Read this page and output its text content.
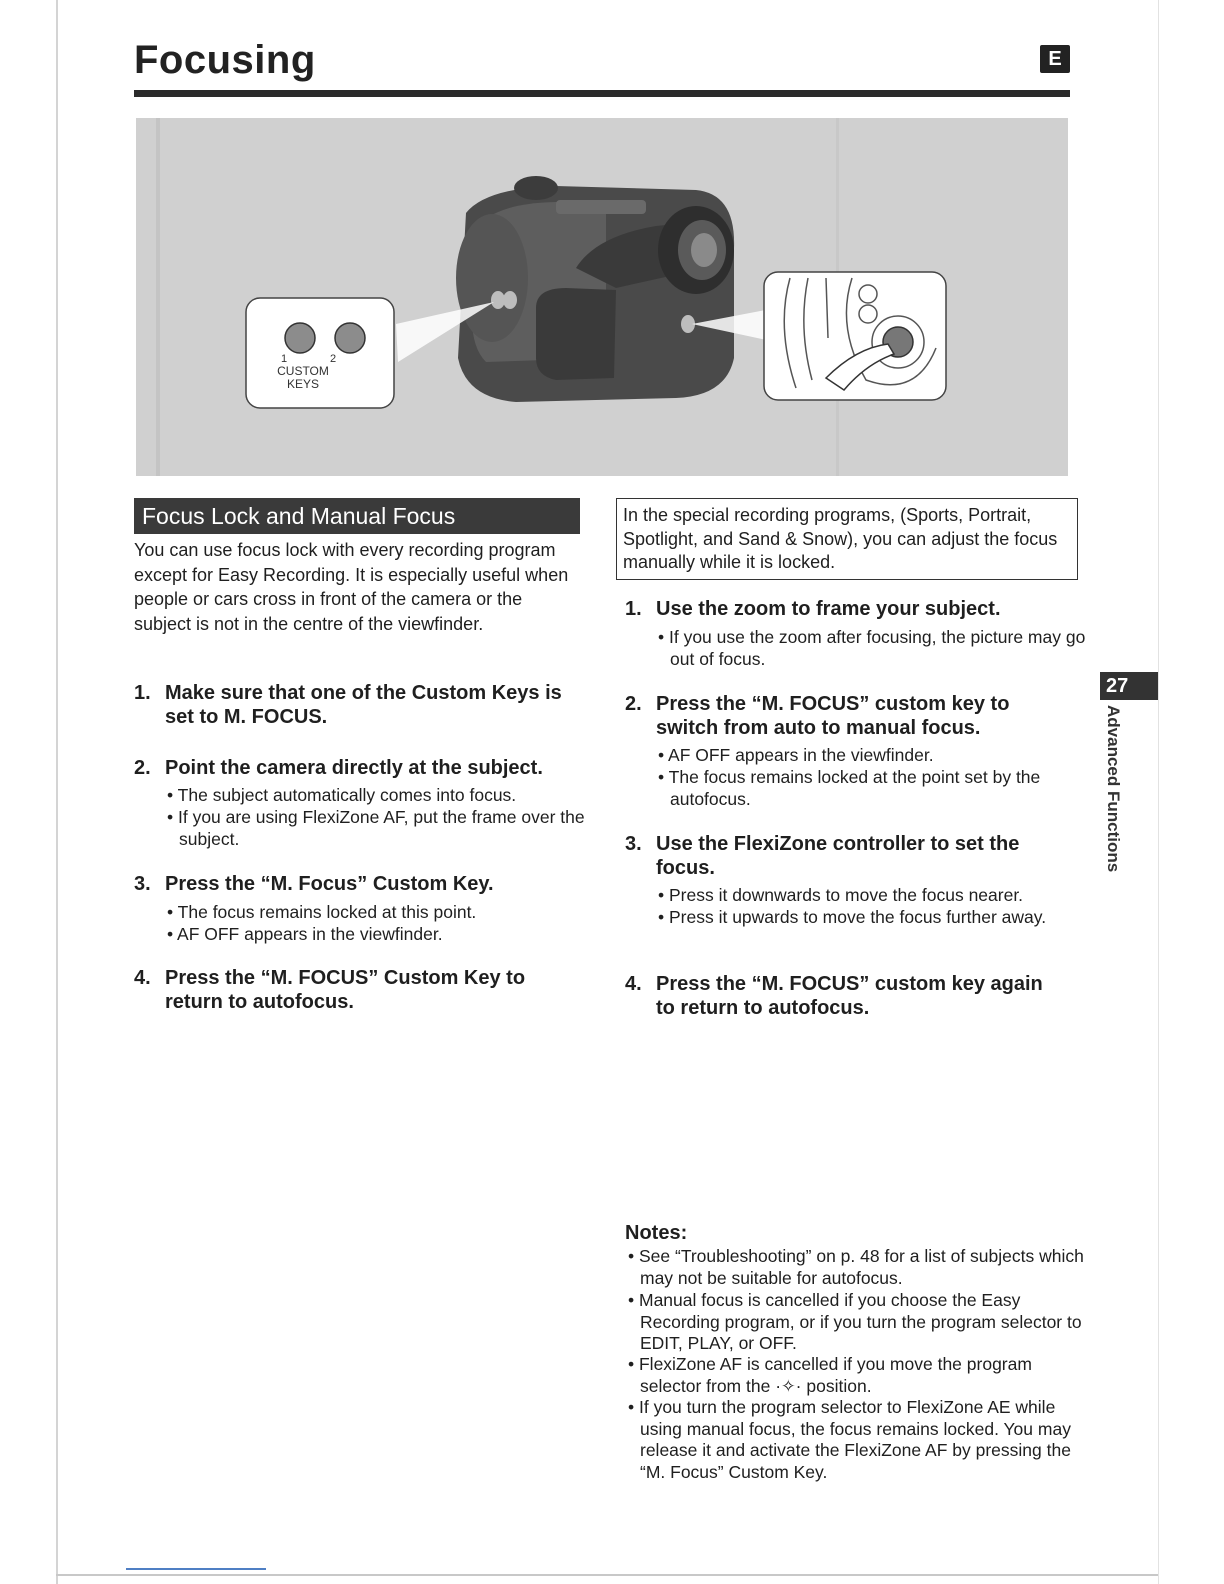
Focusing	E
1	2
CUSTOM
KEYS
Focus Lock and Manual Focus

You can use focus lock with every recording program except for Easy Recording. It is especially useful when people or cars cross in front of the camera or the subject is not in the centre of the viewfinder.

1. Make sure that one of the Custom Keys is set to M. FOCUS.
2. Point the camera directly at the subject.
• The subject automatically comes into focus.
• If you are using FlexiZone AF, put the frame over the subject.
3. Press the “M. Focus” Custom Key.
• The focus remains locked at this point.
• AF OFF appears in the viewfinder.
4. Press the “M. FOCUS” Custom Key to return to autofocus.
In the special recording programs, (Sports, Portrait, Spotlight, and Sand & Snow), you can adjust the focus manually while it is locked.
1. Use the zoom to frame your subject.
• If you use the zoom after focusing, the picture may go out of focus.
2. Press the “M. FOCUS” custom key to switch from auto to manual focus.
• AF OFF appears in the viewfinder.
• The focus remains locked at the point set by the autofocus.
3. Use the FlexiZone controller to set the focus.
• Press it downwards to move the focus nearer.
• Press it upwards to move the focus further away.
4. Press the “M. FOCUS” custom key again to return to autofocus.
Notes:
• See “Troubleshooting” on p. 48 for a list of subjects which may not be suitable for autofocus.
• Manual focus is cancelled if you choose the Easy Recording program, or if you turn the program selector to EDIT, PLAY, or OFF.
• FlexiZone AF is cancelled if you move the program selector from the ·✧· position.
• If you turn the program selector to FlexiZone AE while using manual focus, the focus remains locked. You may release it and activate the FlexiZone AF by pressing the “M. Focus” Custom Key.
27
Advanced Functions
